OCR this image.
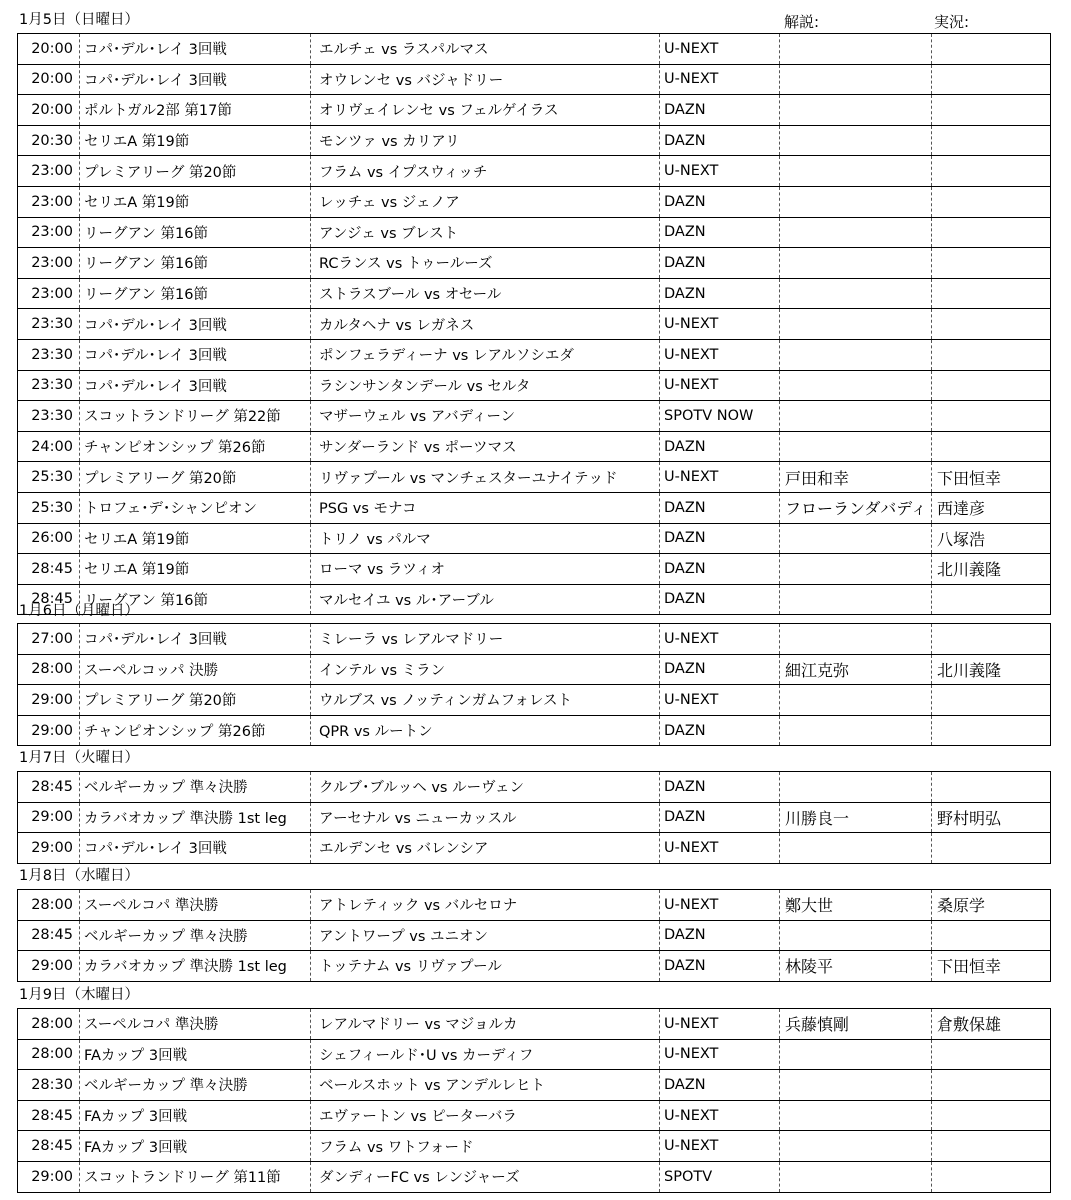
解説:	実況:
1月5日（日曜日）
20:00	コパ･デル･レイ 3回戦	エルチェ vs ラスパルマス	U-NEXT		
20:00	コパ･デル･レイ 3回戦	オウレンセ vs バジャドリー	U-NEXT		
20:00	ポルトガル2部 第17節	オリヴェイレンセ vs フェルゲイラス	DAZN		
20:30	セリエA 第19節	モンツァ vs カリアリ	DAZN		
23:00	プレミアリーグ 第20節	フラム vs イプスウィッチ	U-NEXT		
23:00	セリエA 第19節	レッチェ vs ジェノア	DAZN		
23:00	リーグアン 第16節	アンジェ vs ブレスト	DAZN		
23:00	リーグアン 第16節	RCランス vs トゥールーズ	DAZN		
23:00	リーグアン 第16節	ストラスブール vs オセール	DAZN		
23:30	コパ･デル･レイ 3回戦	カルタヘナ vs レガネス	U-NEXT		
23:30	コパ･デル･レイ 3回戦	ポンフェラディーナ vs レアルソシエダ	U-NEXT		
23:30	コパ･デル･レイ 3回戦	ラシンサンタンデール vs セルタ	U-NEXT		
23:30	スコットランドリーグ 第22節	マザーウェル vs アバディーン	SPOTV NOW		
24:00	チャンピオンシップ 第26節	サンダーランド vs ポーツマス	DAZN		
25:30	プレミアリーグ 第20節	リヴァプール vs マンチェスターユナイテッド	U-NEXT	戸田和幸	下田恒幸
25:30	トロフェ･デ･シャンピオン	PSG vs モナコ	DAZN	フローランダバディ	西達彦
26:00	セリエA 第19節	トリノ vs パルマ	DAZN		八塚浩
28:45	セリエA 第19節	ローマ vs ラツィオ	DAZN		北川義隆
28:45	リーグアン 第16節	マルセイユ vs ル･アーブル	DAZN		
1月6日（月曜日）
27:00	コパ･デル･レイ 3回戦	ミレーラ vs レアルマドリー	U-NEXT		
28:00	スーペルコッパ 決勝	インテル vs ミラン	DAZN	細江克弥	北川義隆
29:00	プレミアリーグ 第20節	ウルブス vs ノッティンガムフォレスト	U-NEXT		
29:00	チャンピオンシップ 第26節	QPR vs ルートン	DAZN		
1月7日（火曜日）
28:45	ベルギーカップ 準々決勝	クルブ･ブルッヘ vs ルーヴェン	DAZN		
29:00	カラバオカップ 準決勝 1st leg	アーセナル vs ニューカッスル	DAZN	川勝良一	野村明弘
29:00	コパ･デル･レイ 3回戦	エルデンセ vs バレンシア	U-NEXT		
1月8日（水曜日）
28:00	スーペルコパ 準決勝	アトレティック vs バルセロナ	U-NEXT	鄭大世	桑原学
28:45	ベルギーカップ 準々決勝	アントワープ vs ユニオン	DAZN		
29:00	カラバオカップ 準決勝 1st leg	トッテナム vs リヴァプール	DAZN	林陵平	下田恒幸
1月9日（木曜日）
28:00	スーペルコパ 準決勝	レアルマドリー vs マジョルカ	U-NEXT	兵藤慎剛	倉敷保雄
28:00	FAカップ 3回戦	シェフィールド･U vs カーディフ	U-NEXT		
28:30	ベルギーカップ 準々決勝	ベールスホット vs アンデルレヒト	DAZN		
28:45	FAカップ 3回戦	エヴァートン vs ピーターバラ	U-NEXT		
28:45	FAカップ 3回戦	フラム vs ワトフォード	U-NEXT		
29:00	スコットランドリーグ 第11節	ダンディーFC vs レンジャーズ	SPOTV		
